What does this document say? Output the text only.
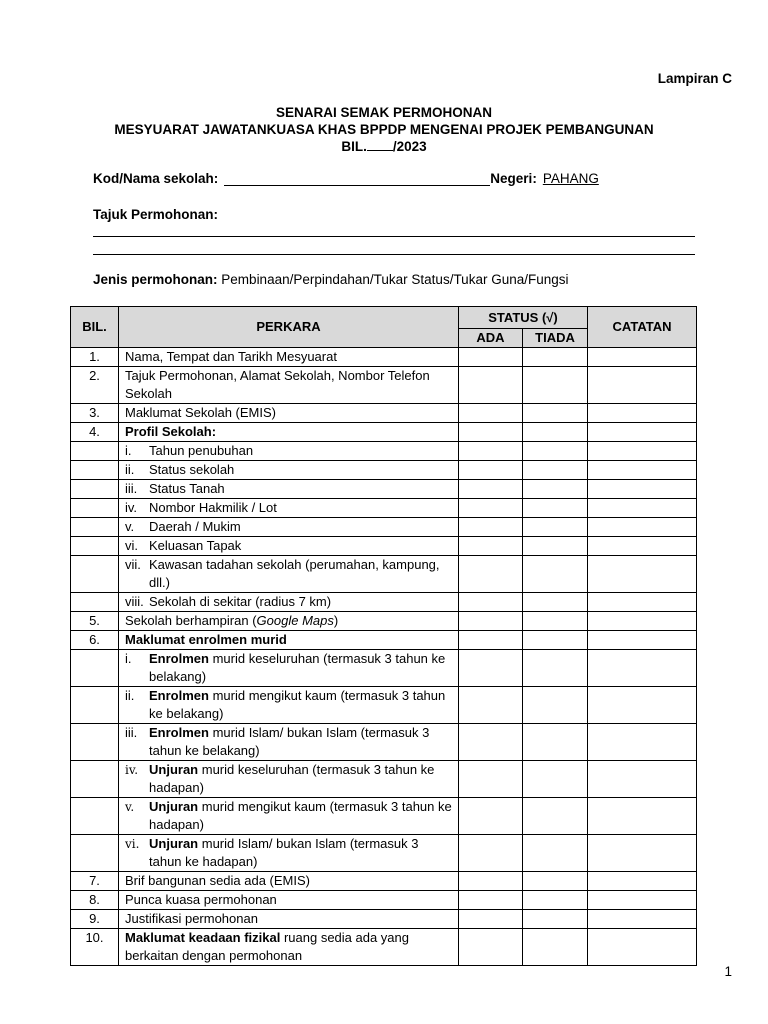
Lampiran C
SENARAI SEMAK PERMOHONAN
MESYUARAT JAWATANKUASA KHAS BPPDP MENGENAI PROJEK PEMBANGUNAN
BIL. /2023
Kod/Nama sekolah:	Negeri: PAHANG
Tajuk Permohonan:
Jenis permohonan: Pembinaan/Perpindahan/Tukar Status/Tukar Guna/Fungsi
BIL.	PERKARA	STATUS (√)		CATATAN
		ADA	TIADA	
1.	Nama, Tempat dan Tarikh Mesyuarat			
2.	Tajuk Permohonan, Alamat Sekolah, Nombor Telefon Sekolah			
3.	Maklumat Sekolah (EMIS)			
4.	Profil Sekolah:			

	i. Tahun penubuhan			

	ii. Status sekolah			

	iii. Status Tanah			

	iv. Nombor Hakmilik / Lot			

	v. Daerah / Mukim			

	vi. Keluasan Tapak			

	vii. Kawasan tadahan sekolah (perumahan, kampung, dll.)			

	viii. Sekolah di sekitar (radius 7 km)			

5.	Sekolah berhampiran (Google Maps)			
6.	Maklumat enrolmen murid			

	i. Enrolmen murid keseluruhan (termasuk 3 tahun ke belakang)			

	ii. Enrolmen murid mengikut kaum (termasuk 3 tahun ke belakang)			

	iii. Enrolmen murid Islam/ bukan Islam (termasuk 3 tahun ke belakang)			

	iv. Unjuran murid keseluruhan (termasuk 3 tahun ke hadapan)			

	v. Unjuran murid mengikut kaum (termasuk 3 tahun ke hadapan)			

	vi. Unjuran murid Islam/ bukan Islam (termasuk 3 tahun ke hadapan)			

7.	Brif bangunan sedia ada (EMIS)			
8.	Punca kuasa permohonan			
9.	Justifikasi permohonan			
10.	Maklumat keadaan fizikal ruang sedia ada yang berkaitan dengan permohonan			
1
